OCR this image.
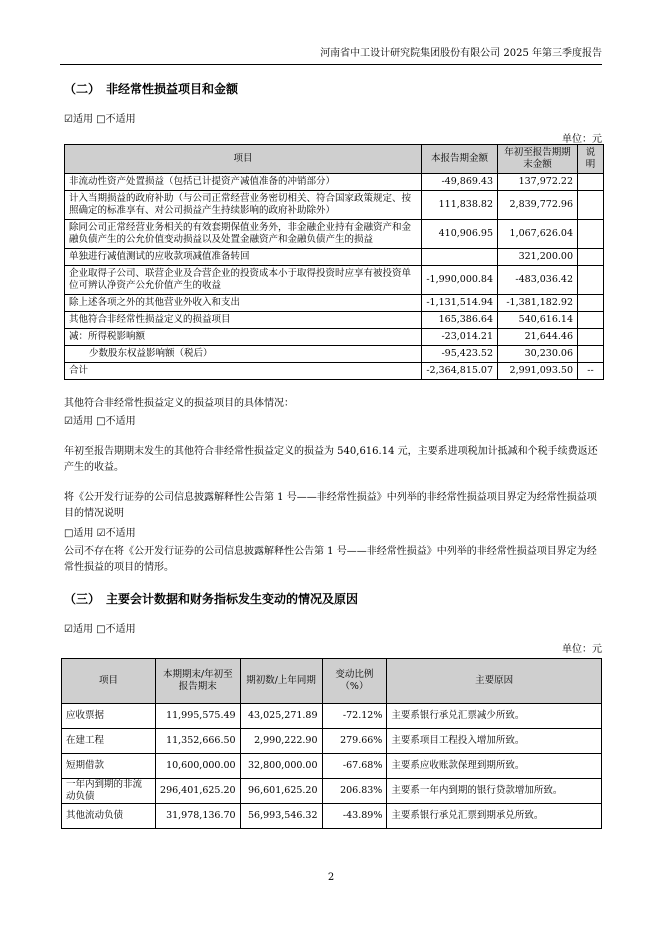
河南省中工设计研究院集团股份有限公司 2025 年第三季度报告
（二）　非经常性损益项目和金额
☑适用 □不适用
单位：元
项目	本报告期金额	年初至报告期期末金额	说明
非流动性资产处置损益（包括已计提资产减值准备的冲销部分）	-49,869.43	137,972.22	
计入当期损益的政府补助（与公司正常经营业务密切相关、符合国家政策规定、按照确定的标准享有、对公司损益产生持续影响的政府补助除外）	111,838.82	2,839,772.96	
除同公司正常经营业务相关的有效套期保值业务外，非金融企业持有金融资产和金融负债产生的公允价值变动损益以及处置金融资产和金融负债产生的损益	410,906.95	1,067,626.04	
单独进行减值测试的应收款项减值准备转回		321,200.00	
企业取得子公司、联营企业及合营企业的投资成本小于取得投资时应享有被投资单位可辨认净资产公允价值产生的收益	-1,990,000.84	-483,036.42	
除上述各项之外的其他营业外收入和支出	-1,131,514.94	-1,381,182.92	
其他符合非经常性损益定义的损益项目	165,386.64	540,616.14	
减：所得税影响额	-23,014.21	21,644.46	
少数股东权益影响额（税后）	-95,423.52	30,230.06	
合计	-2,364,815.07	2,991,093.50	--
其他符合非经常性损益定义的损益项目的具体情况：
☑适用 □不适用
年初至报告期期末发生的其他符合非经常性损益定义的损益为 540,616.14 元，主要系进项税加计抵减和个税手续费返还产生的收益。
将《公开发行证券的公司信息披露解释性公告第 1 号——非经常性损益》中列举的非经常性损益项目界定为经常性损益项目的情况说明
□适用 ☑不适用
公司不存在将《公开发行证券的公司信息披露解释性公告第 1 号——非经常性损益》中列举的非经常性损益项目界定为经常性损益的项目的情形。
（三）　主要会计数据和财务指标发生变动的情况及原因
☑适用 □不适用
单位：元
项目	本期期末/年初至报告期末	期初数/上年同期	变动比例（%）	主要原因
应收票据	11,995,575.49	43,025,271.89	-72.12%	主要系银行承兑汇票减少所致。
在建工程	11,352,666.50	2,990,222.90	279.66%	主要系项目工程投入增加所致。
短期借款	10,600,000.00	32,800,000.00	-67.68%	主要系应收账款保理到期所致。
一年内到期的非流动负债	296,401,625.20	96,601,625.20	206.83%	主要系一年内到期的银行贷款增加所致。
其他流动负债	31,978,136.70	56,993,546.32	-43.89%	主要系银行承兑汇票到期承兑所致。
2
